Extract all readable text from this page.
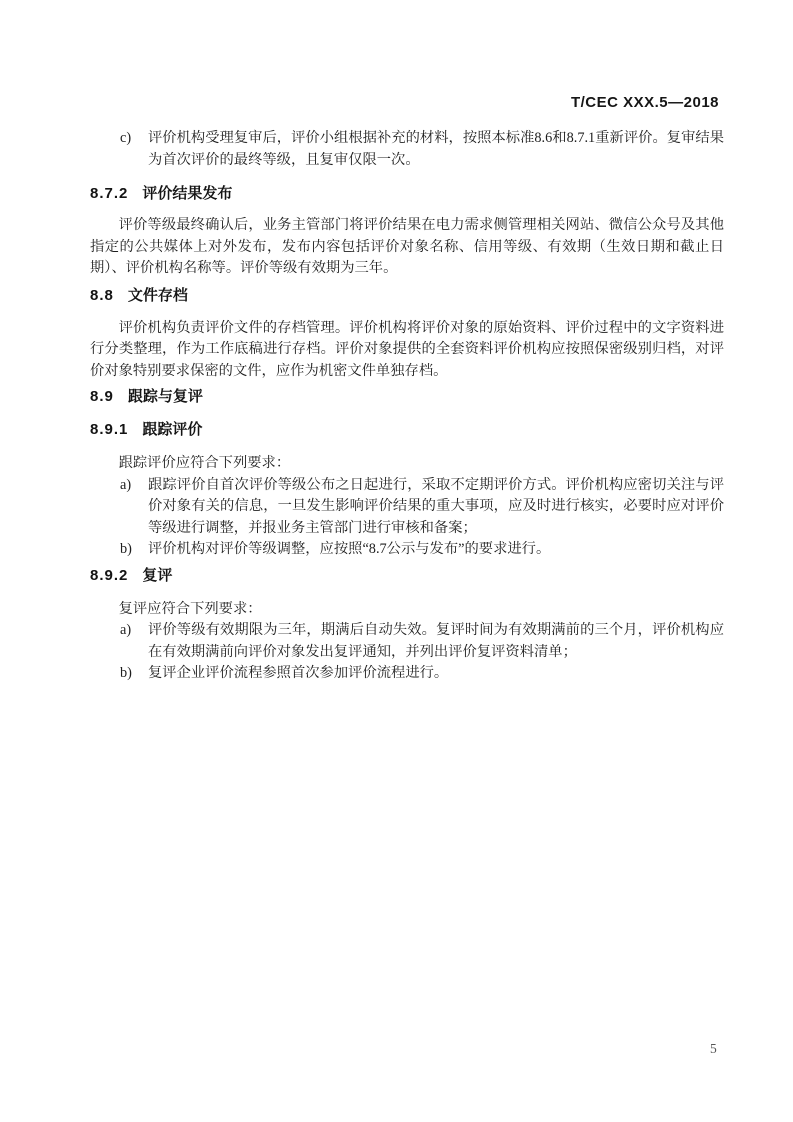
T/CEC XXX.5—2018
c) 评价机构受理复审后，评价小组根据补充的材料，按照本标准8.6和8.7.1重新评价。复审结果为首次评价的最终等级，且复审仅限一次。
8.7.2 评价结果发布

评价等级最终确认后，业务主管部门将评价结果在电力需求侧管理相关网站、微信公众号及其他指定的公共媒体上对外发布，发布内容包括评价对象名称、信用等级、有效期（生效日期和截止日期）、评价机构名称等。评价等级有效期为三年。

8.8 文件存档

评价机构负责评价文件的存档管理。评价机构将评价对象的原始资料、评价过程中的文字资料进行分类整理，作为工作底稿进行存档。评价对象提供的全套资料评价机构应按照保密级别归档，对评价对象特别要求保密的文件，应作为机密文件单独存档。

8.9 跟踪与复评
8.9.1 跟踪评价

跟踪评价应符合下列要求：

a) 跟踪评价自首次评价等级公布之日起进行，采取不定期评价方式。评价机构应密切关注与评价对象有关的信息，一旦发生影响评价结果的重大事项，应及时进行核实，必要时应对评价等级进行调整，并报业务主管部门进行审核和备案；
b) 评价机构对评价等级调整，应按照“8.7公示与发布”的要求进行。
8.9.2 复评

复评应符合下列要求：

a) 评价等级有效期限为三年，期满后自动失效。复评时间为有效期满前的三个月，评价机构应在有效期满前向评价对象发出复评通知，并列出评价复评资料清单；
b) 复评企业评价流程参照首次参加评价流程进行。
5
